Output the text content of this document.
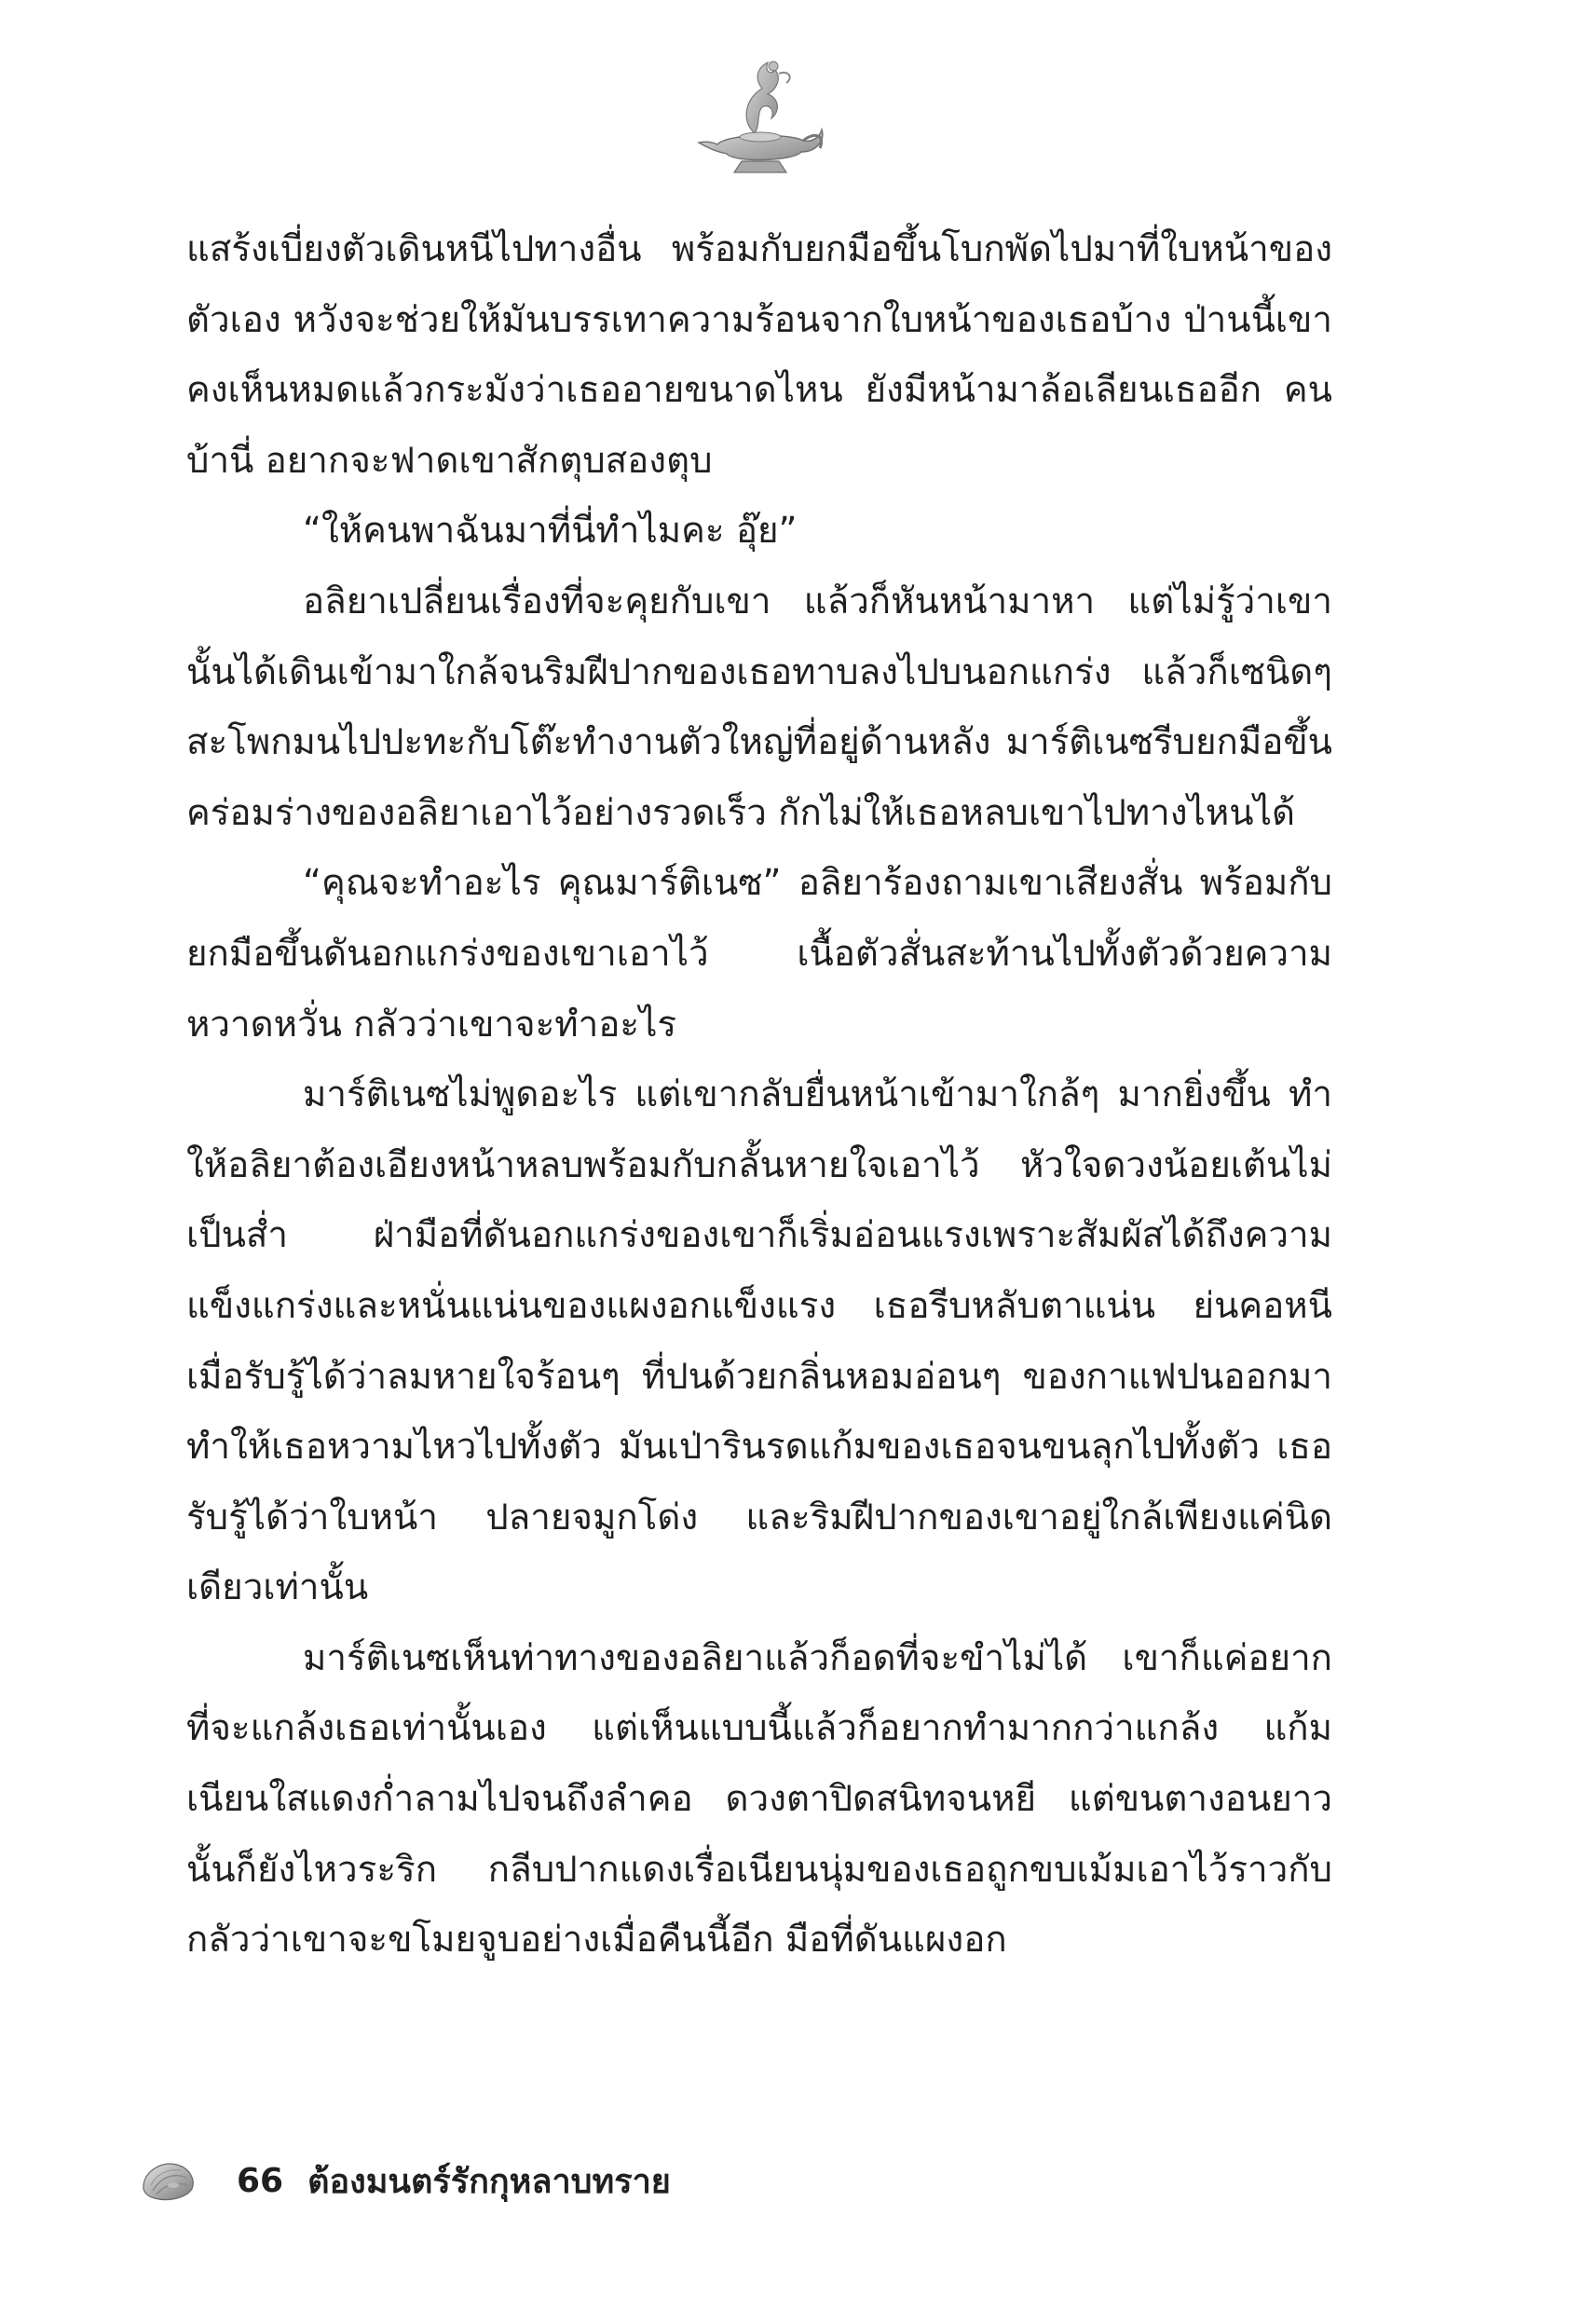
แสร้งเบี่ยงตัวเดินหนีไปทางอื่น พร้อมกับยกมือขึ้นโบกพัดไปมาที่ใบหน้าของตัวเอง หวังจะช่วยให้มันบรรเทาความร้อนจากใบหน้าของเธอบ้าง ป่านนี้เขาคงเห็นหมดแล้วกระมังว่าเธออายขนาดไหน ยังมีหน้ามาล้อเลียนเธออีก คนบ้านี่ อยากจะฟาดเขาสักตุบสองตุบ

“ให้คนพาฉันมาที่นี่ทำไมคะ อุ๊ย”

อลิยาเปลี่ยนเรื่องที่จะคุยกับเขา แล้วก็หันหน้ามาหา แต่ไม่รู้ว่าเขานั้นได้เดินเข้ามาใกล้จนริมฝีปากของเธอทาบลงไปบนอกแกร่ง แล้วก็เซนิดๆ สะโพกมนไปปะทะกับโต๊ะทำงานตัวใหญ่ที่อยู่ด้านหลัง มาร์ติเนซรีบยกมือขึ้นคร่อมร่างของอลิยาเอาไว้อย่างรวดเร็ว กักไม่ให้เธอหลบเขาไปทางไหนได้

“คุณจะทำอะไร คุณมาร์ติเนซ” อลิยาร้องถามเขาเสียงสั่น พร้อมกับยกมือขึ้นดันอกแกร่งของเขาเอาไว้ เนื้อตัวสั่นสะท้านไปทั้งตัวด้วยความหวาดหวั่น กลัวว่าเขาจะทำอะไร

มาร์ติเนซไม่พูดอะไร แต่เขากลับยื่นหน้าเข้ามาใกล้ๆ มากยิ่งขึ้น ทำให้อลิยาต้องเอียงหน้าหลบพร้อมกับกลั้นหายใจเอาไว้ หัวใจดวงน้อยเต้นไม่เป็นส่ำ ฝ่ามือที่ดันอกแกร่งของเขาก็เริ่มอ่อนแรงเพราะสัมผัสได้ถึงความแข็งแกร่งและหนั่นแน่นของแผงอกแข็งแรง เธอรีบหลับตาแน่น ย่นคอหนีเมื่อรับรู้ได้ว่าลมหายใจร้อนๆ ที่ปนด้วยกลิ่นหอมอ่อนๆ ของกาแฟปนออกมา ทำให้เธอหวามไหวไปทั้งตัว มันเป่ารินรดแก้มของเธอจนขนลุกไปทั้งตัว เธอรับรู้ได้ว่าใบหน้า ปลายจมูกโด่ง และริมฝีปากของเขาอยู่ใกล้เพียงแค่นิดเดียวเท่านั้น

มาร์ติเนซเห็นท่าทางของอลิยาแล้วก็อดที่จะขำไม่ได้ เขาก็แค่อยากที่จะแกล้งเธอเท่านั้นเอง แต่เห็นแบบนี้แล้วก็อยากทำมากกว่าแกล้ง แก้มเนียนใสแดงก่ำลามไปจนถึงลำคอ ดวงตาปิดสนิทจนหยี แต่ขนตางอนยาวนั้นก็ยังไหวระริก กลีบปากแดงเรื่อเนียนนุ่มของเธอถูกขบเม้มเอาไว้ราวกับกลัวว่าเขาจะขโมยจูบอย่างเมื่อคืนนี้อีก มือที่ดันแผงอก

66 ต้องมนตร์รักกุหลาบทราย
